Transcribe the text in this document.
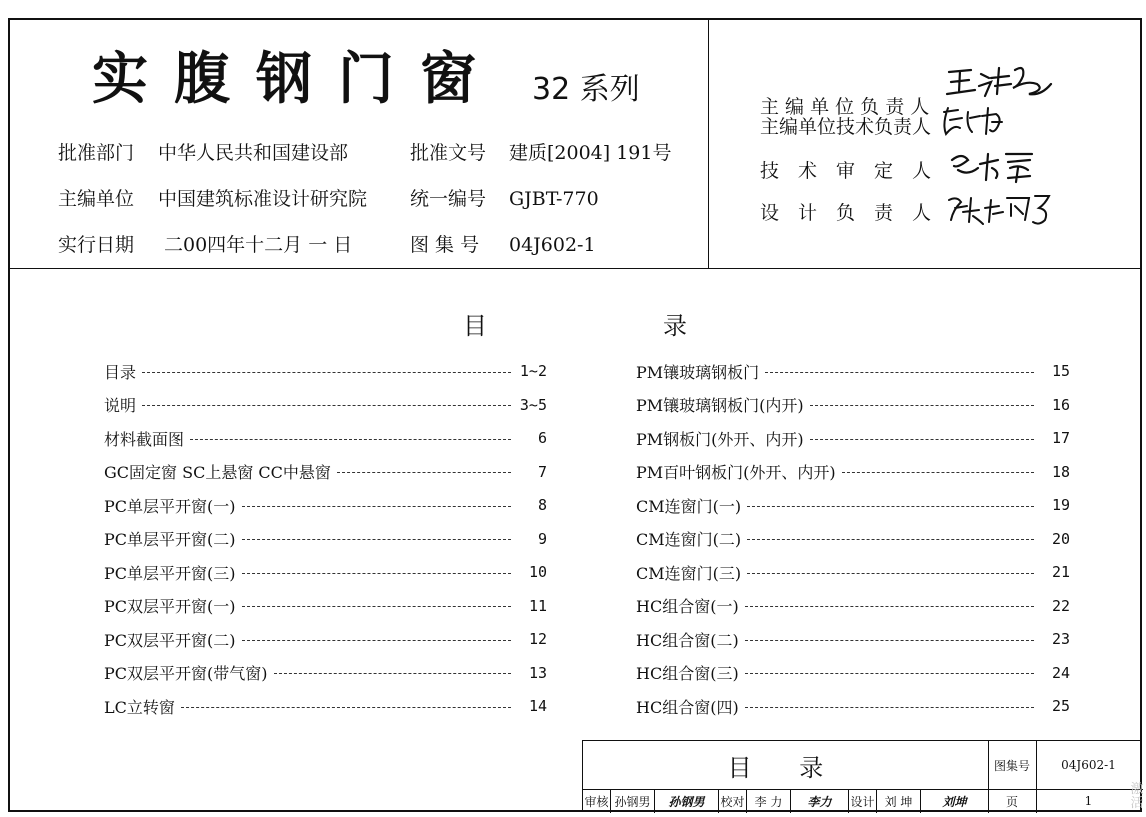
实腹钢门窗 32 系列
批准部门 中华人民共和国建设部	批准文号 建质[2004] 191号
主编单位 中国建筑标准设计研究院 统一编号 GJBT-770
实行日期 二00四年十二月 一 日	图 集 号 04J602-1
主 编 单 位 负 责 人
主编单位技术负责人
技　术　审　定　人
设　计　负　责　人
目	录
目录	1~2
说明	3~5
材料截面图	6
GC固定窗 SC上悬窗 CC中悬窗	7
PC单层平开窗(一)	8
PC单层平开窗(二)	9
PC单层平开窗(三)	10
PC双层平开窗(一)	11
PC双层平开窗(二)	12
PC双层平开窗(带气窗)	13
LC立转窗	14
PM镶玻璃钢板门	15
PM镶玻璃钢板门(内开)	16
PM钢板门(外开、内开)	17
PM百叶钢板门(外开、内开)	18
CM连窗门(一)	19
CM连窗门(二)	20
CM连窗门(三)	21
HC组合窗(一)	22
HC组合窗(二)	23
HC组合窗(三)	24
HC组合窗(四)	25
目 录	图集号	04J602-1
审核 孙钢男	孙钢男	校对 李 力	李力	设计 刘 坤	刘坤	页	1
激活
